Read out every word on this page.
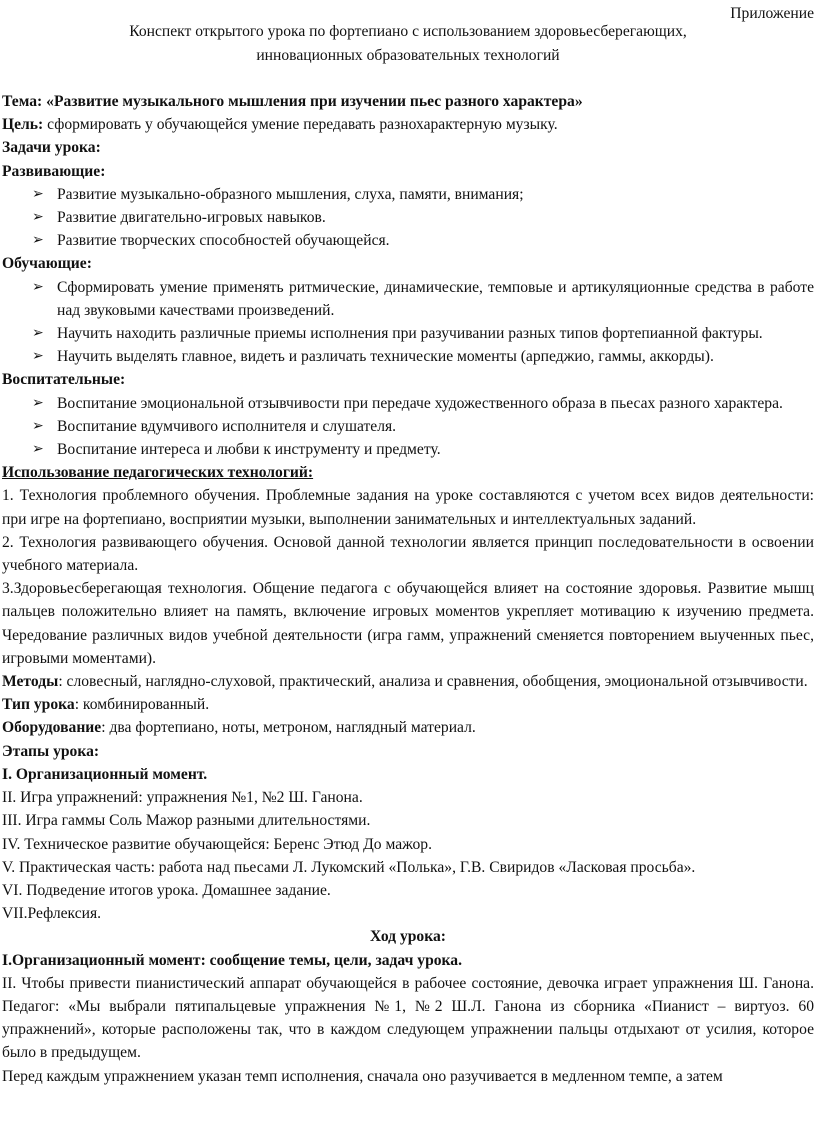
Приложение
Конспект открытого урока по фортепиано с использованием здоровьесберегающих,
инновационных образовательных технологий

Тема: «Развитие музыкального мышления при изучении пьес разного характера»

Цель: сформировать у обучающейся умение передавать разнохарактерную музыку.

Задачи урока:

Развивающие:

➢ Развитие музыкально-образного мышления, слуха, памяти, внимания;
➢ Развитие двигательно-игровых навыков.
➢ Развитие творческих способностей обучающейся.

Обучающие:

➢ Сформировать умение применять ритмические, динамические, темповые и артикуляционные средства в работе над звуковыми качествами произведений.
➢ Научить находить различные приемы исполнения при разучивании разных типов фортепианной фактуры.
➢ Научить выделять главное, видеть и различать технические моменты (арпеджио, гаммы, аккорды).

Воспитательные:

➢ Воспитание эмоциональной отзывчивости при передаче художественного образа в пьесах разного характера.
➢ Воспитание вдумчивого исполнителя и слушателя.
➢ Воспитание интереса и любви к инструменту и предмету.

Использование педагогических технологий:

1. Технология проблемного обучения. Проблемные задания на уроке составляются с учетом всех видов деятельности: при игре на фортепиано, восприятии музыки, выполнении занимательных и интеллектуальных заданий.

2. Технология развивающего обучения. Основой данной технологии является принцип последовательности в освоении учебного материала.

3.Здоровьесберегающая технология. Общение педагога с обучающейся влияет на состояние здоровья. Развитие мышц пальцев положительно влияет на память, включение игровых моментов укрепляет мотивацию к изучению предмета. Чередование различных видов учебной деятельности (игра гамм, упражнений сменяется повторением выученных пьес, игровыми моментами).

Методы: словесный, наглядно-слуховой, практический, анализа и сравнения, обобщения, эмоциональной отзывчивости.

Тип урока: комбинированный.

Оборудование: два фортепиано, ноты, метроном, наглядный материал.

Этапы урока:

I. Организационный момент.

II. Игра упражнений: упражнения №1, №2 Ш. Ганона.

III. Игра гаммы Соль Мажор разными длительностями.

IV. Техническое развитие обучающейся: Беренс Этюд До мажор.

V. Практическая часть: работа над пьесами Л. Лукомский «Полька», Г.В. Свиридов «Ласковая просьба».

VI. Подведение итогов урока. Домашнее задание.

VII.Рефлексия.

Ход урока:

I.Организационный момент: сообщение темы, цели, задач урока.

II. Чтобы привести пианистический аппарат обучающейся в рабочее состояние, девочка играет упражнения Ш. Ганона. Педагог: «Мы выбрали пятипальцевые упражнения №1, №2 Ш.Л. Ганона из сборника «Пианист – виртуоз. 60 упражнений», которые расположены так, что в каждом следующем упражнении пальцы отдыхают от усилия, которое было в предыдущем.

Перед каждым упражнением указан темп исполнения, сначала оно разучивается в медленном темпе, а затем
